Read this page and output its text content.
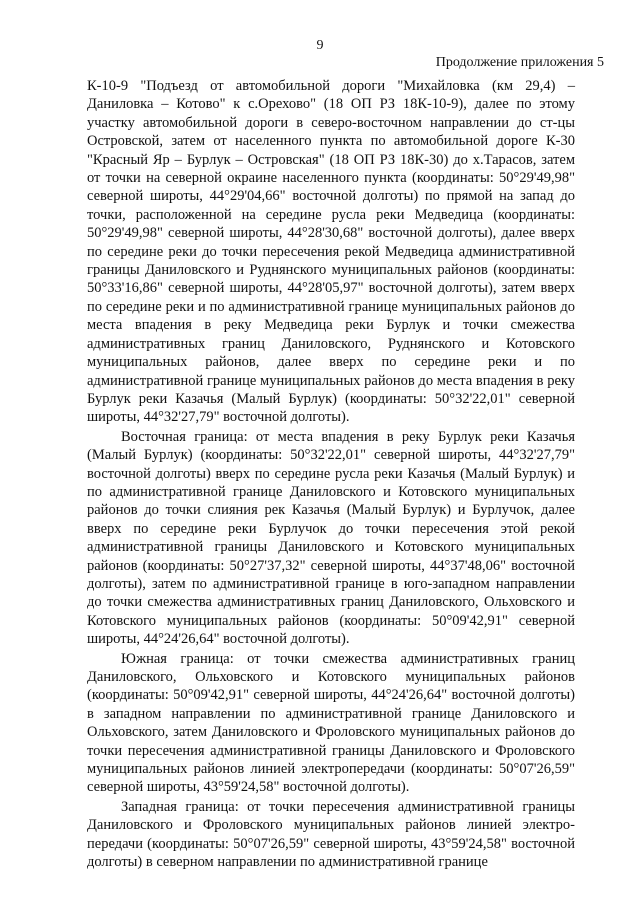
9
Продолжение приложения 5

К-10-9 "Подъезд от автомобильной дороги "Михайловка (км 29,4) – Даниловка – Котово" к с.Орехово" (18 ОП РЗ 18К-10-9), далее по этому участку автомобильной дороги в северо-восточном направлении до ст-цы Островской, затем от населенного пункта по автомобильной дороге К-30 "Красный Яр – Бурлук – Островская" (18 ОП РЗ 18К-30) до х.Тарасов, затем от точки на северной окраине населенного пункта (координаты: 50°29'49,98" северной широты, 44°29'04,66" восточной долготы) по прямой на запад до точки, расположенной на середине русла реки Медведица (координаты: 50°29'49,98" северной широты, 44°28'30,68" восточной долготы), далее вверх по середине реки до точки пересечения рекой Медведица административной границы Даниловского и Руднянского муниципальных районов (координаты: 50°33'16,86" северной широты, 44°28'05,97" восточной долготы), затем вверх по середине реки и по административной границе муниципальных районов до места впадения в реку Медведица реки Бурлук и точки смежества административных границ Даниловского, Руднянского и Котовского муниципальных районов, далее вверх по середине реки и по административной границе муниципальных районов до места впадения в реку Бурлук реки Казачья (Малый Бурлук) (координаты: 50°32'22,01" северной широты, 44°32'27,79" восточной долготы).

Восточная граница: от места впадения в реку Бурлук реки Казачья (Малый Бурлук) (координаты: 50°32'22,01" северной широты, 44°32'27,79" восточной долготы) вверх по середине русла реки Казачья (Малый Бурлук) и по административной границе Даниловского и Котовского муниципальных районов до точки слияния рек Казачья (Малый Бурлук) и Бурлучок, далее вверх по середине реки Бурлучок до точки пересечения этой рекой административной границы Даниловского и Котовского муниципальных районов (координаты: 50°27'37,32" северной широты, 44°37'48,06" восточной долготы), затем по административной границе в юго-западном направлении до точки смежества административных границ Даниловского, Ольховского и Котовского муниципальных районов (координаты: 50°09'42,91" северной широты, 44°24'26,64" восточной долготы).

Южная граница: от точки смежества административных границ Даниловского, Ольховского и Котовского муниципальных районов (координаты: 50°09'42,91" северной широты, 44°24'26,64" восточной долготы) в западном направлении по административной границе Даниловского и Ольховского, затем Даниловского и Фроловского муниципальных районов до точки пересечения административной границы Даниловского и Фроловского муниципальных районов линией электропередачи (координаты: 50°07'26,59" северной широты, 43°59'24,58" восточной долготы).

Западная граница: от точки пересечения административной границы Даниловского и Фроловского муниципальных районов линией электропередачи (координаты: 50°07'26,59" северной широты, 43°59'24,58" восточной долготы) в северном направлении по административной границе
